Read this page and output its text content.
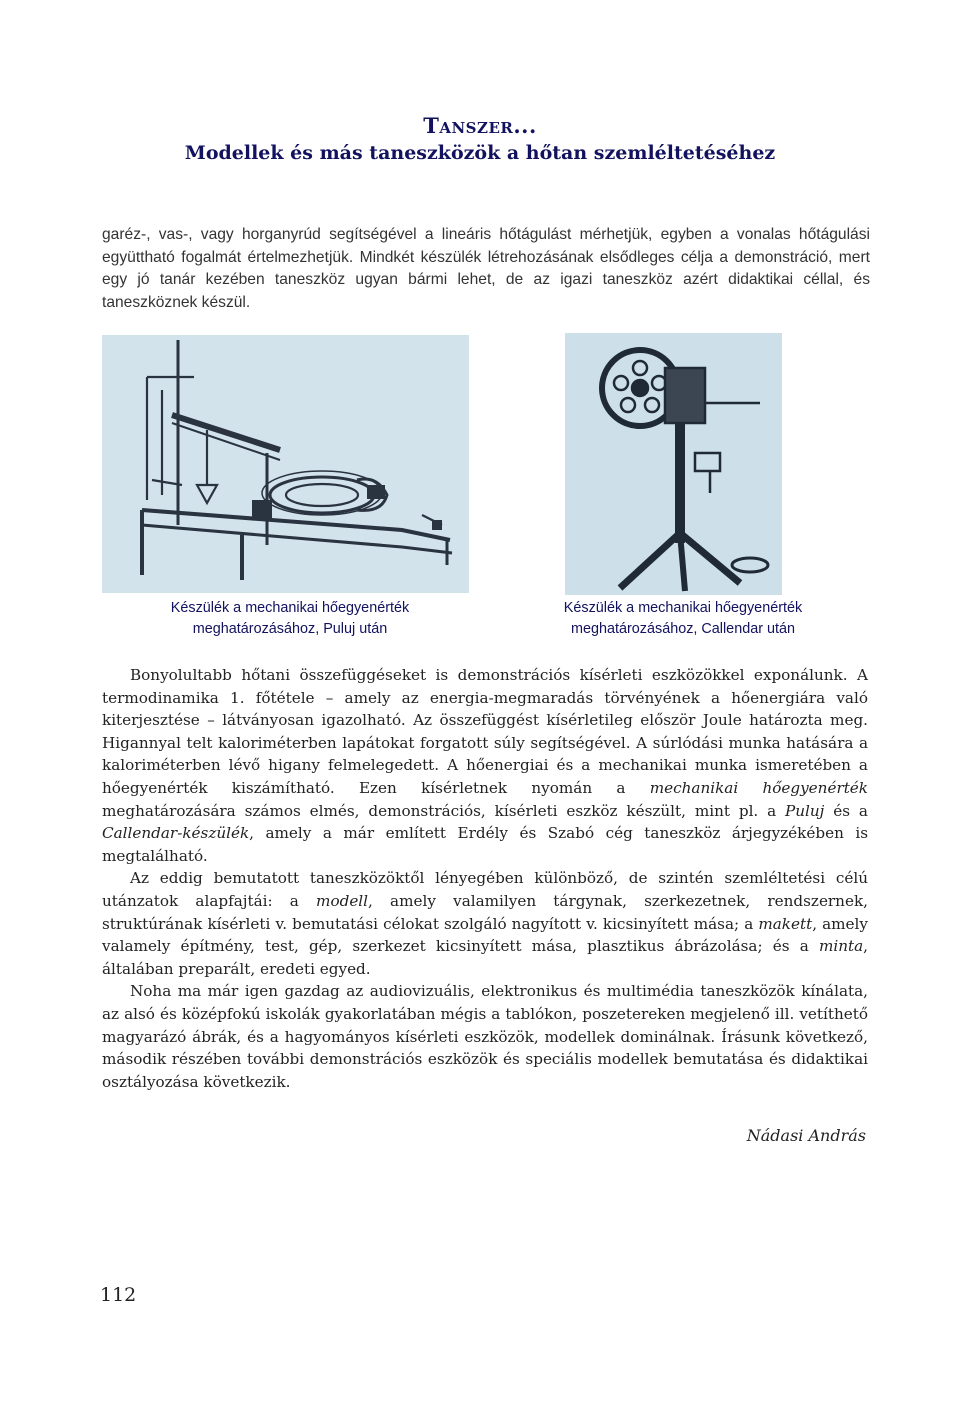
TANSZER...
Modellek és más taneszközök a hőtan szemléltetéséhez

garéz-, vas-, vagy horganyrúd segítségével a lineáris hőtágulást mérhetjük, egyben a vonalas hőtágulási együttható fogalmát értelmezhetjük. Mindkét készülék létrehozásának elsődleges célja a demonstráció, mert egy jó tanár kezében taneszköz ugyan bármi lehet, de az igazi taneszköz azért didaktikai céllal, és taneszköznek készül.

Készülék a mechanikai hőegyenérték
meghatározásához, Puluj után
Készülék a mechanikai hőegyenérték
meghatározásához, Callendar után

Bonyolultabb hőtani összefüggéseket is demonstrációs kísérleti eszközökkel exponálunk. A termodinamika 1. főtétele – amely az energia-megmaradás törvényének a hőenergiára való kiterjesztése – látványosan igazolható. Az összefüggést kísérletileg először Joule határozta meg. Higannyal telt kaloriméterben lapátokat forgatott súly segítségével. A súrlódási munka hatására a kaloriméterben lévő higany felmelegedett. A hőenergiai és a mechanikai munka ismeretében a hőegyenérték kiszámítható. Ezen kísérletnek nyomán a mechanikai hőegyenérték meghatározására számos elmés, demonstrációs, kísérleti eszköz készült, mint pl. a Puluj és a Callendar-készülék, amely a már említett Erdély és Szabó cég taneszköz árjegyzékében is megtalálható.

Az eddig bemutatott taneszközöktől lényegében különböző, de szintén szemléltetési célú utánzatok alapfajtái: a modell, amely valamilyen tárgynak, szerkezetnek, rendszernek, struktúrának kísérleti v. bemutatási célokat szolgáló nagyított v. kicsinyített mása; a makett, amely valamely építmény, test, gép, szerkezet kicsinyített mása, plasztikus ábrázolása; és a minta, általában preparált, eredeti egyed.

Noha ma már igen gazdag az audiovizuális, elektronikus és multimédia taneszközök kínálata, az alsó és középfokú iskolák gyakorlatában mégis a tablókon, poszetereken megjelenő ill. vetíthető magyarázó ábrák, és a hagyományos kísérleti eszközök, modellek dominálnak. Írásunk következő, második részében további demonstrációs eszközök és speciális modellek bemutatása és didaktikai osztályozása következik.

Nádasi András
112
